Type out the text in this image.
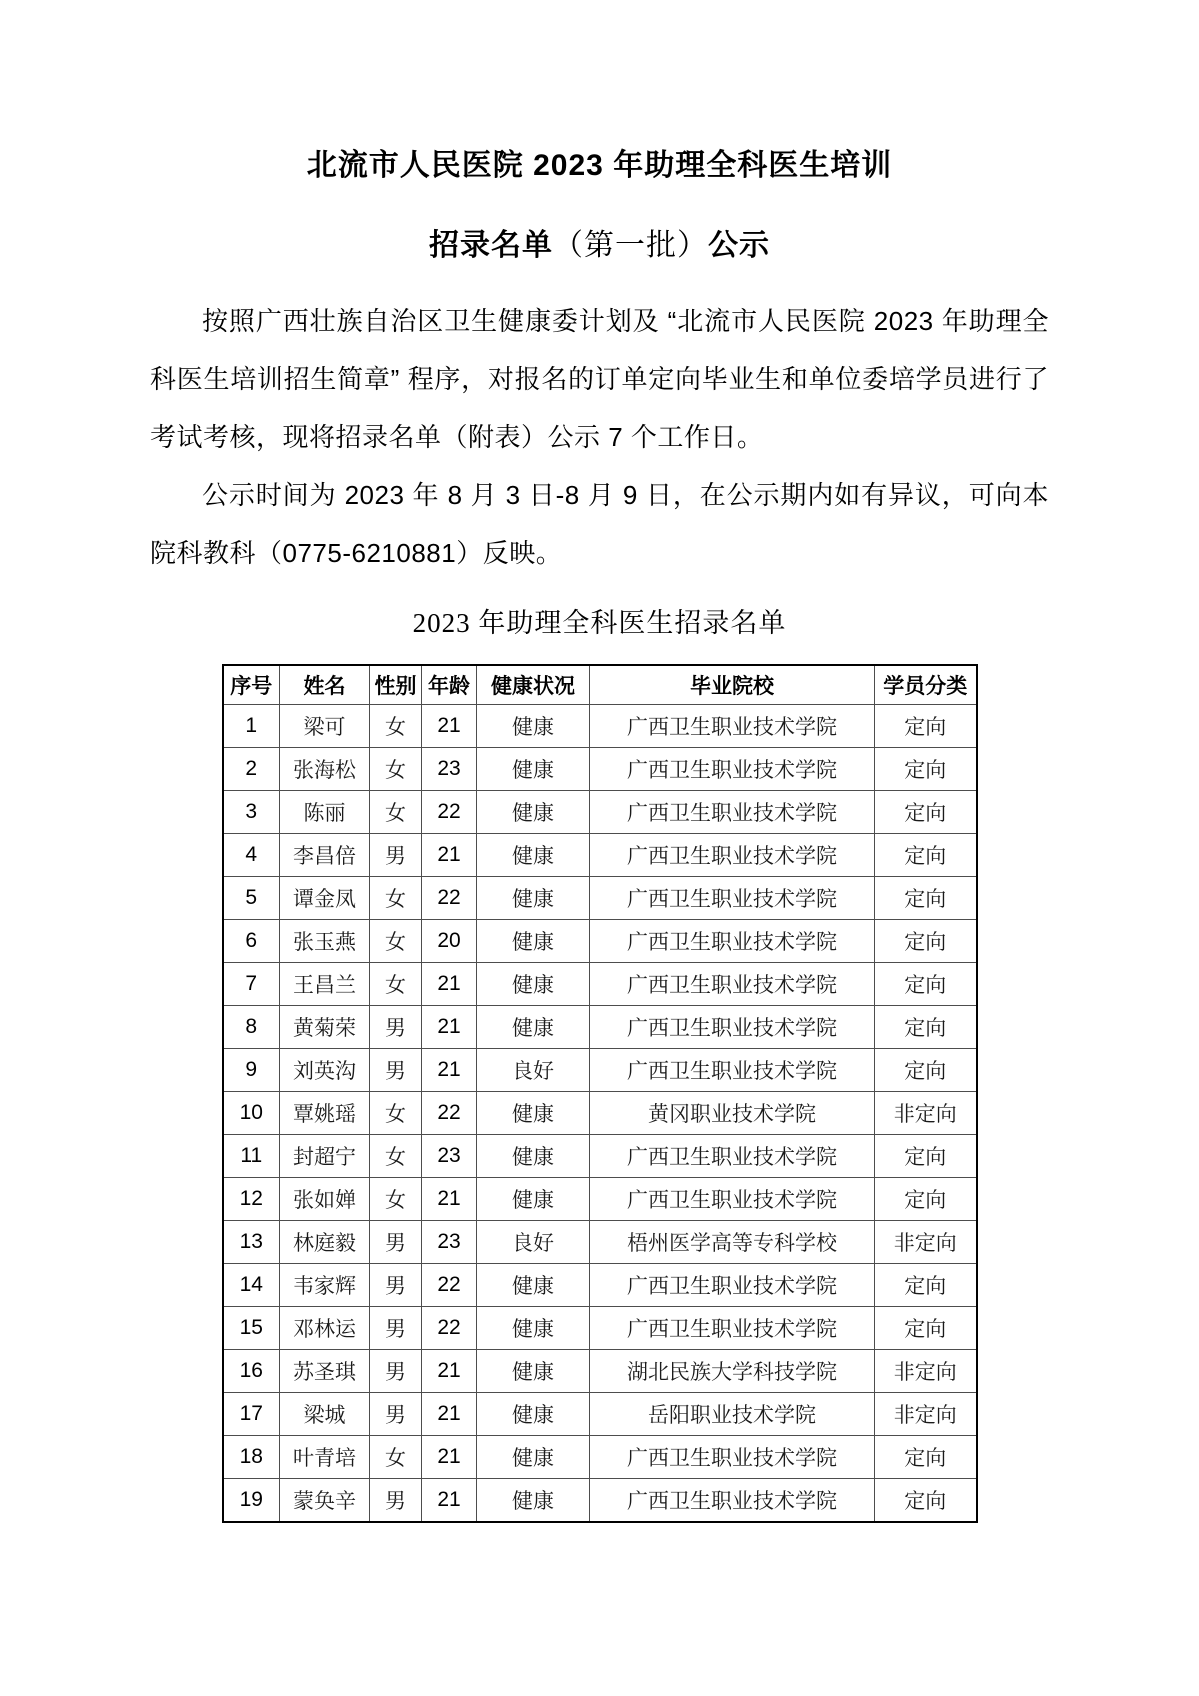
北流市人民医院 2023 年助理全科医生培训
招录名单（第一批）公示

按照广西壮族自治区卫生健康委计划及 “北流市人民医院 2023 年助理全科医生培训招生简章” 程序，对报名的订单定向毕业生和单位委培学员进行了考试考核，现将招录名单（附表）公示 7 个工作日。

公示时间为 2023 年 8 月 3 日-8 月 9 日，在公示期内如有异议，可向本院科教科（0775-6210881）反映。

2023 年助理全科医生招录名单
序号	姓名	性别	年龄	健康状况	毕业院校	学员分类
1	梁可	女	21	健康	广西卫生职业技术学院	定向
2	张海松	女	23	健康	广西卫生职业技术学院	定向
3	陈丽	女	22	健康	广西卫生职业技术学院	定向
4	李昌倍	男	21	健康	广西卫生职业技术学院	定向
5	谭金凤	女	22	健康	广西卫生职业技术学院	定向
6	张玉燕	女	20	健康	广西卫生职业技术学院	定向
7	王昌兰	女	21	健康	广西卫生职业技术学院	定向
8	黄菊荣	男	21	健康	广西卫生职业技术学院	定向
9	刘英沟	男	21	良好	广西卫生职业技术学院	定向
10	覃姚瑶	女	22	健康	黄冈职业技术学院	非定向
11	封超宁	女	23	健康	广西卫生职业技术学院	定向
12	张如婵	女	21	健康	广西卫生职业技术学院	定向
13	林庭毅	男	23	良好	梧州医学高等专科学校	非定向
14	韦家辉	男	22	健康	广西卫生职业技术学院	定向
15	邓林运	男	22	健康	广西卫生职业技术学院	定向
16	苏圣琪	男	21	健康	湖北民族大学科技学院	非定向
17	梁城	男	21	健康	岳阳职业技术学院	非定向
18	叶青培	女	21	健康	广西卫生职业技术学院	定向
19	蒙奂辛	男	21	健康	广西卫生职业技术学院	定向
